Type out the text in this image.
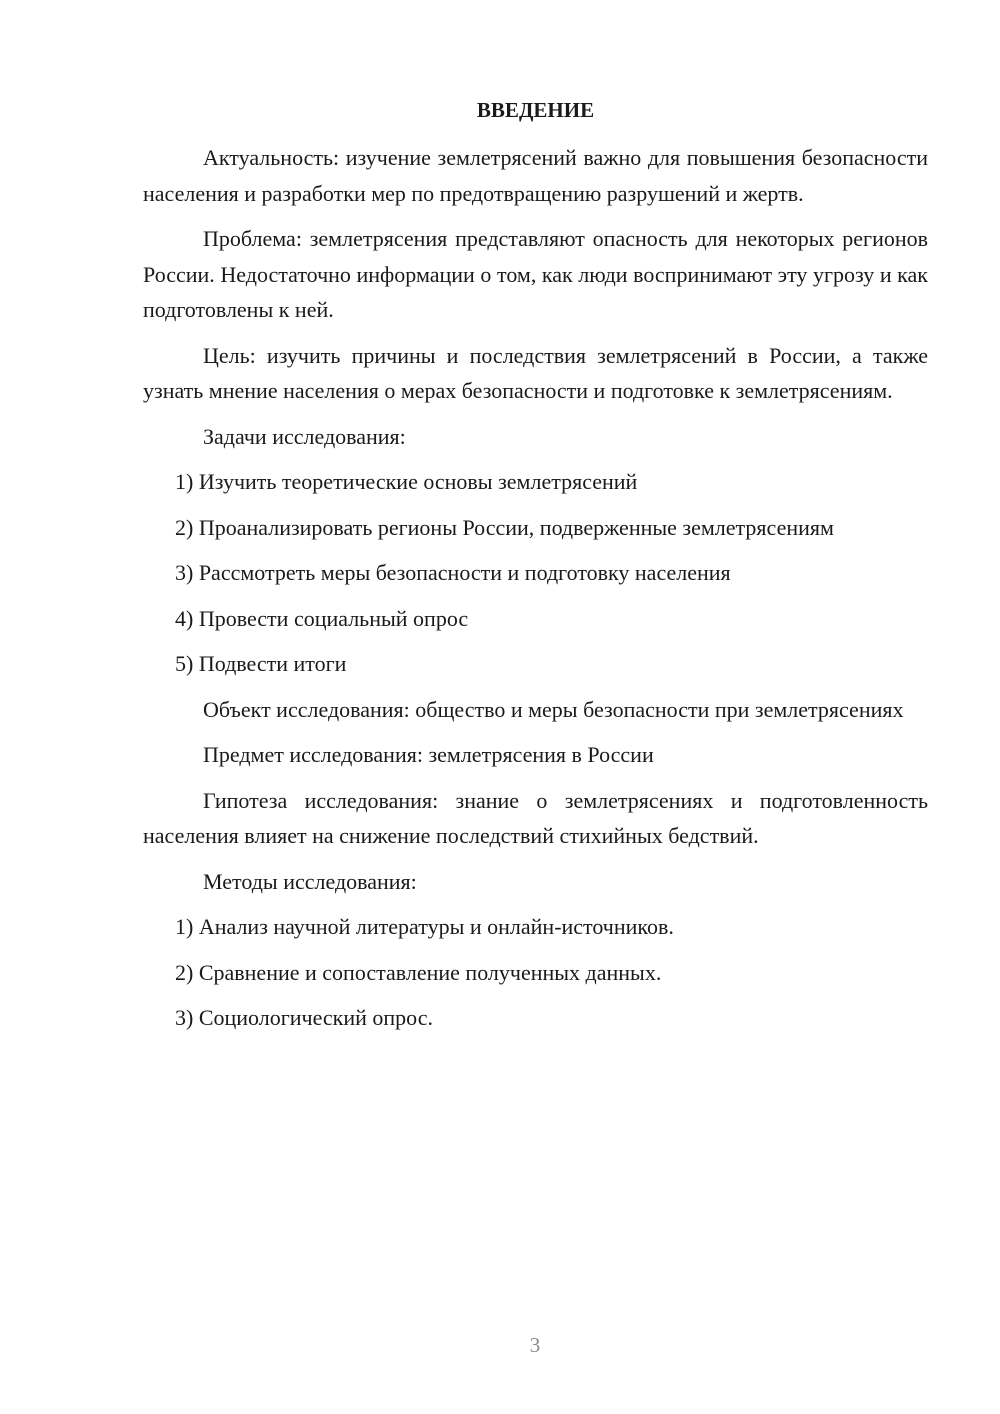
ВВЕДЕНИЕ

Актуальность: изучение землетрясений важно для повышения безопасности населения и разработки мер по предотвращению разрушений и жертв.

Проблема: землетрясения представляют опасность для некоторых регионов России. Недостаточно информации о том, как люди воспринимают эту угрозу и как подготовлены к ней.

Цель: изучить причины и последствия землетрясений в России, а также узнать мнение населения о мерах безопасности и подготовке к землетрясениям.

Задачи исследования:

1) Изучить теоретические основы землетрясений

2) Проанализировать регионы России, подверженные землетрясениям

3) Рассмотреть меры безопасности и подготовку населения

4) Провести социальный опрос

5) Подвести итоги

Объект исследования: общество и меры безопасности при землетрясениях

Предмет исследования: землетрясения в России

Гипотеза исследования: знание о землетрясениях и подготовленность населения влияет на снижение последствий стихийных бедствий.

Методы исследования:

1) Анализ научной литературы и онлайн-источников.

2) Сравнение и сопоставление полученных данных.

3) Социологический опрос.

3
